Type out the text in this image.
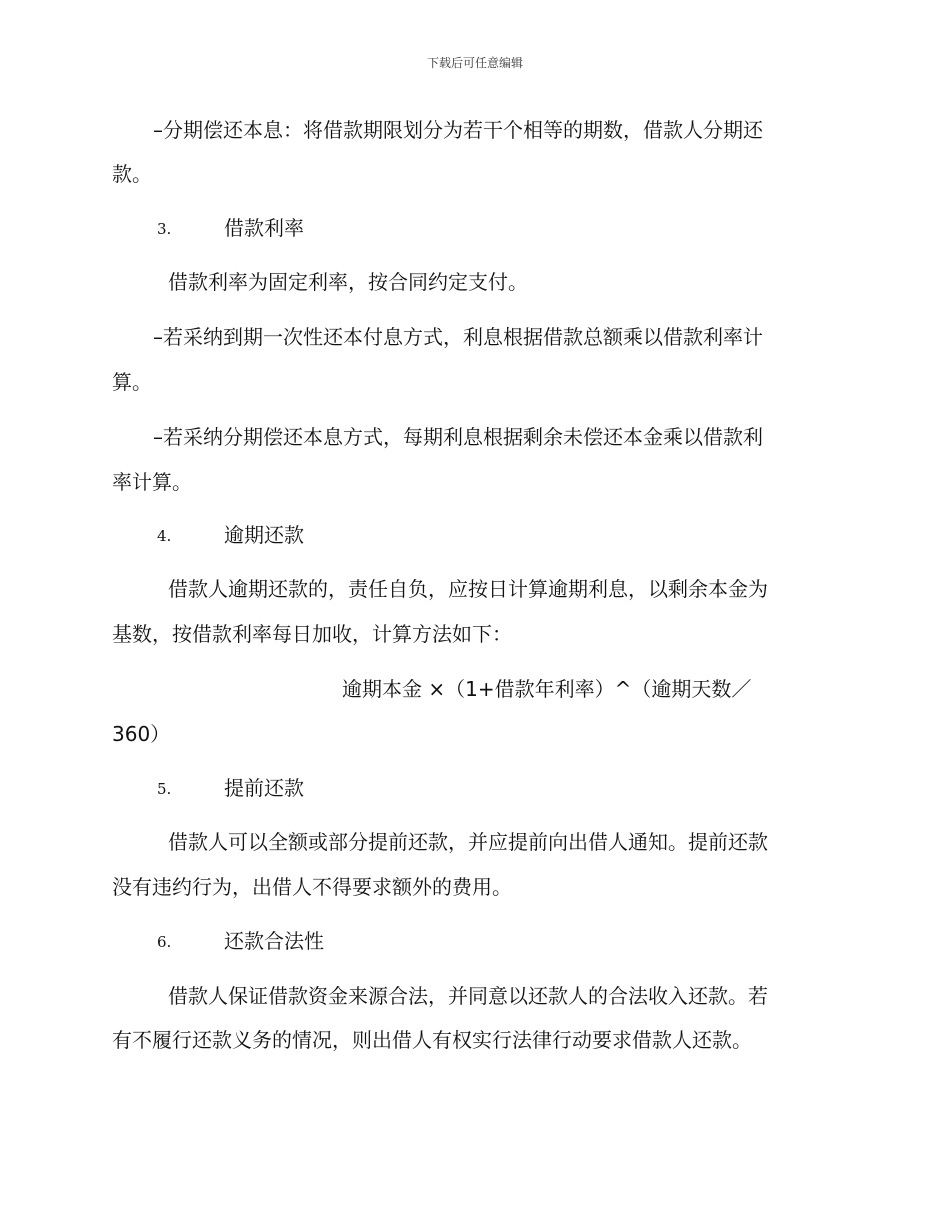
下载后可任意编辑
–分期偿还本息：将借款期限划分为若干个相等的期数，借款人分期还
款。
3.	借款利率
借款利率为固定利率，按合同约定支付。
–若采纳到期一次性还本付息方式，利息根据借款总额乘以借款利率计
算。
–若采纳分期偿还本息方式，每期利息根据剩余未偿还本金乘以借款利
率计算。
4.	逾期还款
借款人逾期还款的，责任自负，应按日计算逾期利息，以剩余本金为
基数，按借款利率每日加收，计算方法如下：
逾期本金 ×（1+借款年利率）^（逾期天数／
360）
5.	提前还款
借款人可以全额或部分提前还款，并应提前向出借人通知。提前还款
没有违约行为，出借人不得要求额外的费用。
6.	还款合法性
借款人保证借款资金来源合法，并同意以还款人的合法收入还款。若
有不履行还款义务的情况，则出借人有权实行法律行动要求借款人还款。
